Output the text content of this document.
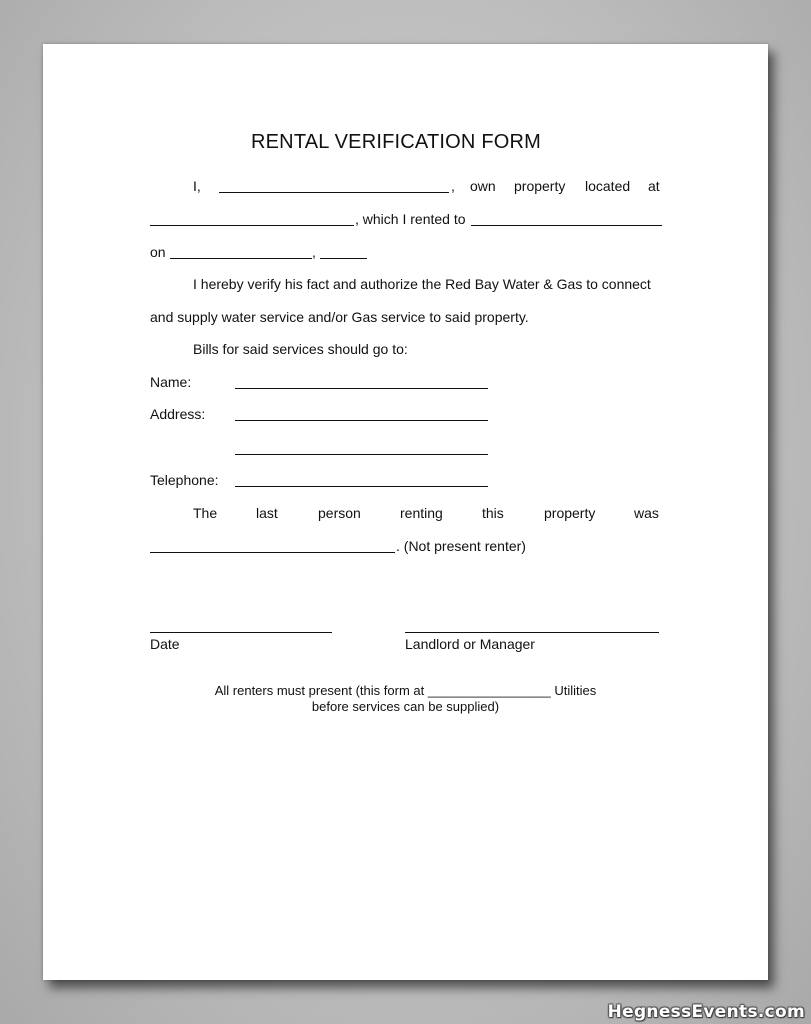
RENTAL VERIFICATION FORM
I,	, own property located at
, which I rented to
on	,
I hereby verify his fact and authorize the Red Bay Water & Gas to connect
and supply water service and/or Gas service to said property.
Bills for said services should go to:
Name:
Address:
Telephone:
The	last	person	renting	this	property	was
. (Not present renter)
Date	Landlord or Manager
All renters must present (this form at _________________ Utilities
before services can be supplied)
HegnessEvents.com
